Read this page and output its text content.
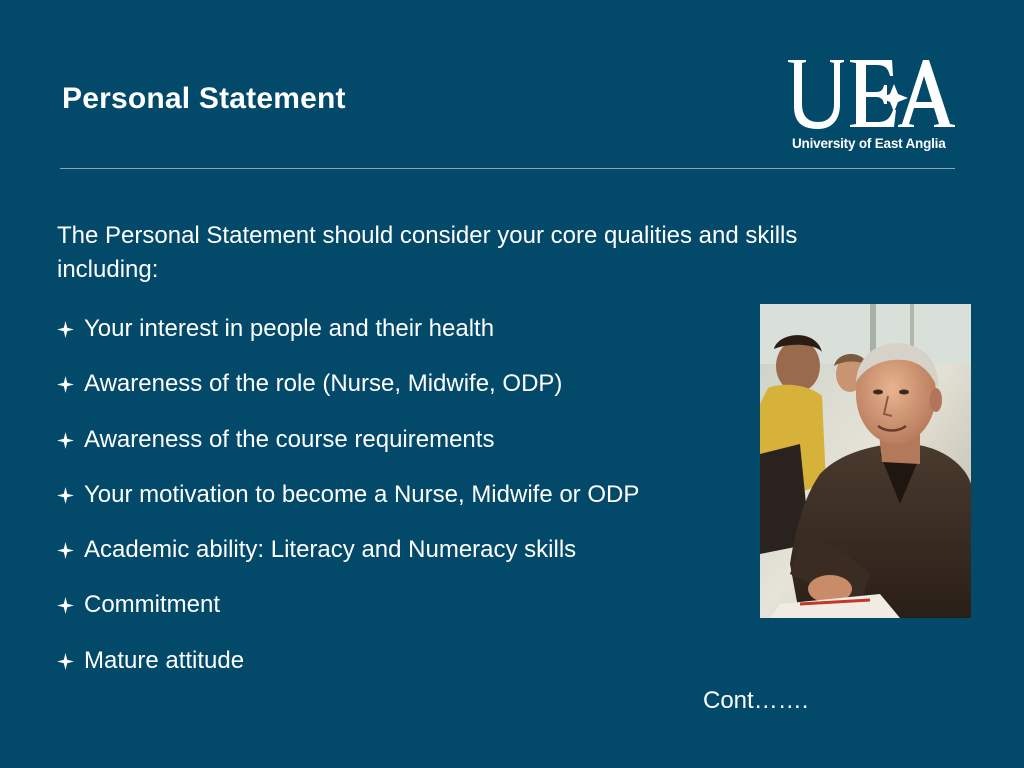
Personal Statement
University of East Anglia
The Personal Statement should consider your core qualities and skills including:
Your interest in people and their health
Awareness of the role (Nurse, Midwife, ODP)
Awareness of the course requirements
Your motivation to become a Nurse, Midwife or ODP
Academic ability: Literacy and Numeracy skills
Commitment
Mature attitude
Cont…….
